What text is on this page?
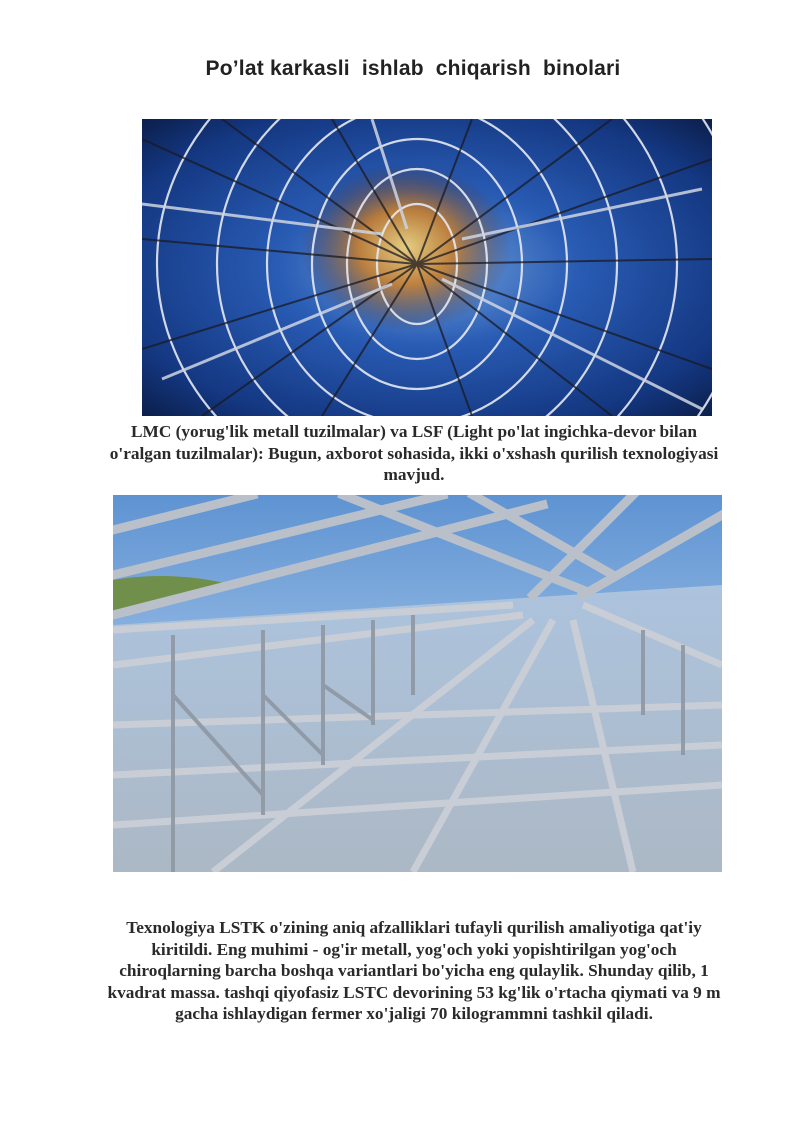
Po’lat karkasli  ishlab  chiqarish  binolari
LMC (yorug'lik metall tuzilmalar) va LSF (Light po'lat ingichka-devor bilan o'ralgan tuzilmalar): Bugun, axborot sohasida, ikki o'xshash qurilish texnologiyasi mavjud.
Texnologiya LSTK o'zining aniq afzalliklari tufayli qurilish amaliyotiga qat'iy kiritildi. Eng muhimi - og'ir metall, yog'och yoki yopishtirilgan yog'och chiroqlarning barcha boshqa variantlari bo'yicha eng qulaylik. Shunday qilib, 1 kvadrat massa. tashqi qiyofasiz LSTC devorining 53 kg'lik o'rtacha qiymati va 9 m gacha ishlaydigan fermer xo'jaligi 70 kilogrammni tashkil qiladi.
